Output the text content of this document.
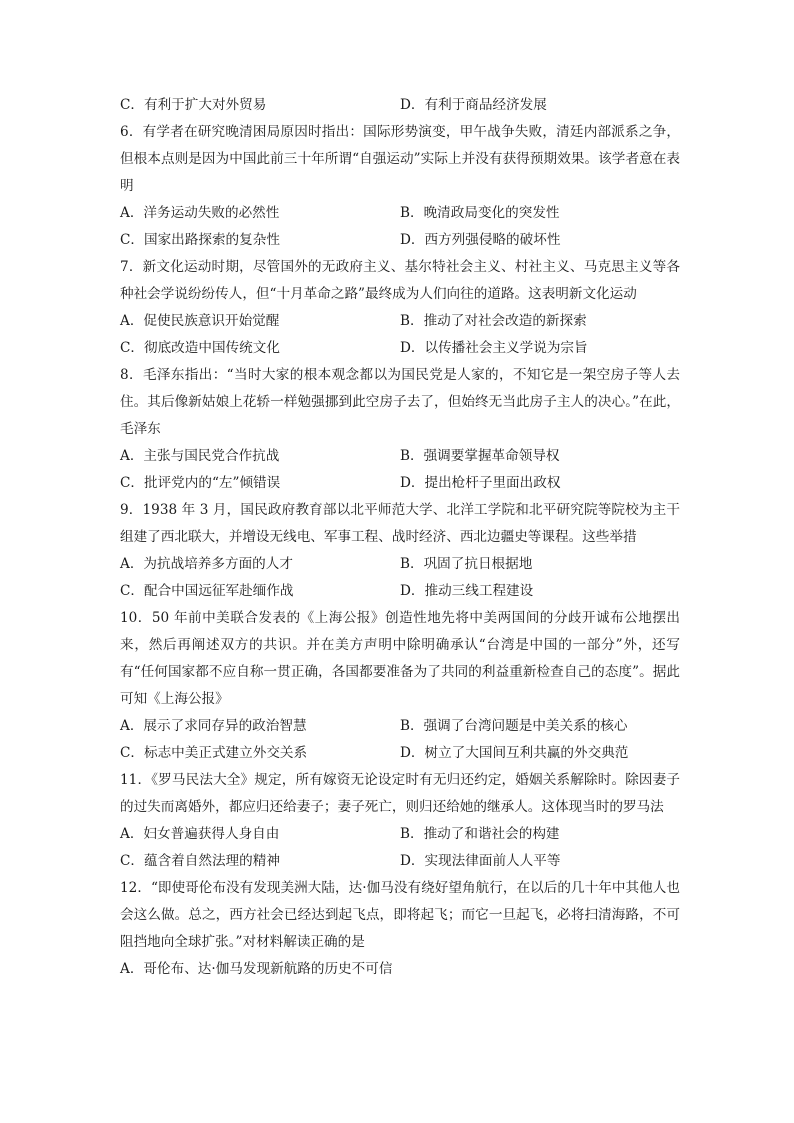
C．有利于扩大对外贸易	D．有利于商品经济发展

6．有学者在研究晚清困局原因时指出：国际形势演变，甲午战争失败，清廷内部派系之争，但根本点则是因为中国此前三十年所谓“自强运动”实际上并没有获得预期效果。该学者意在表明

A．洋务运动失败的必然性	B．晚清政局变化的突发性
C．国家出路探索的复杂性	D．西方列强侵略的破坏性

7．新文化运动时期，尽管国外的无政府主义、基尔特社会主义、村社主义、马克思主义等各种社会学说纷纷传人，但“十月革命之路”最终成为人们向往的道路。这表明新文化运动

A．促使民族意识开始觉醒	B．推动了对社会改造的新探索
C．彻底改造中国传统文化	D．以传播社会主义学说为宗旨

8．毛泽东指出：“当时大家的根本观念都以为国民党是人家的，不知它是一架空房子等人去住。其后像新姑娘上花轿一样勉强挪到此空房子去了，但始终无当此房子主人的决心。”在此，毛泽东

A．主张与国民党合作抗战	B．强调要掌握革命领导权
C．批评党内的“左”倾错误	D．提出枪杆子里面出政权

9．1938 年 3 月，国民政府教育部以北平师范大学、北洋工学院和北平研究院等院校为主干组建了西北联大，并增设无线电、军事工程、战时经济、西北边疆史等课程。这些举措

A．为抗战培养多方面的人才	B．巩固了抗日根据地
C．配合中国远征军赴缅作战	D．推动三线工程建设

10．50 年前中美联合发表的《上海公报》创造性地先将中美两国间的分歧开诚布公地摆出来，然后再阐述双方的共识。并在美方声明中除明确承认“台湾是中国的一部分”外，还写有“任何国家都不应自称一贯正确，各国都要准备为了共同的利益重新检查自己的态度”。据此可知《上海公报》

A．展示了求同存异的政治智慧	B．强调了台湾问题是中美关系的核心
C．标志中美正式建立外交关系	D．树立了大国间互利共赢的外交典范

11．《罗马民法大全》规定，所有嫁资无论设定时有无归还约定，婚姻关系解除时。除因妻子的过失而离婚外，都应归还给妻子；妻子死亡，则归还给她的继承人。这体现当时的罗马法

A．妇女普遍获得人身自由	B．推动了和谐社会的构建
C．蕴含着自然法理的精神	D．实现法律面前人人平等

12．“即使哥伦布没有发现美洲大陆，达·伽马没有绕好望角航行，在以后的几十年中其他人也会这么做。总之，西方社会已经达到起飞点，即将起飞；而它一旦起飞，必将扫清海路，不可阻挡地向全球扩张。”对材料解读正确的是

A．哥伦布、达·伽马发现新航路的历史不可信
